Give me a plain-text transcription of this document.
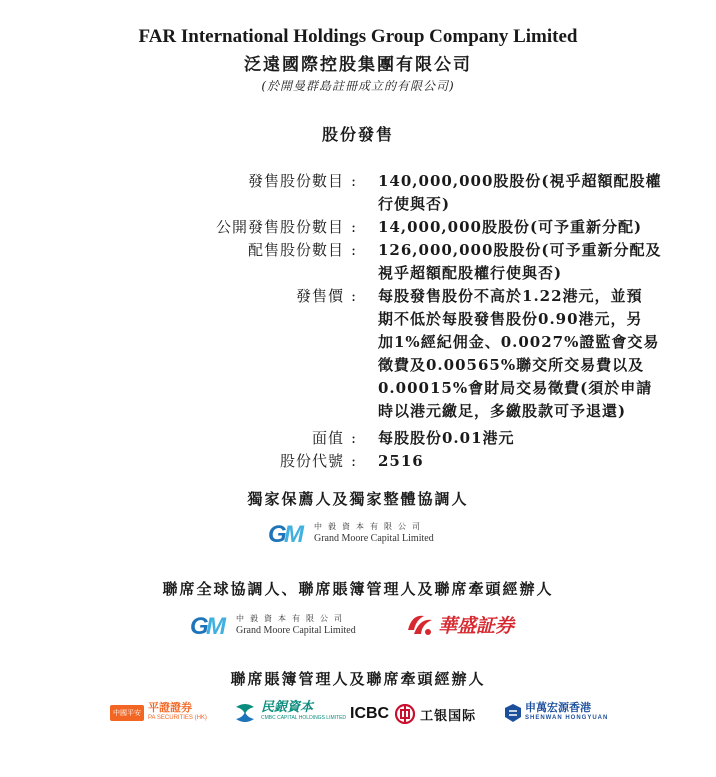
FAR International Holdings Group Company Limited
泛遠國際控股集團有限公司
(於開曼群島註冊成立的有限公司)
股份發售
發售股份數目 : 140,000,000股股份(視乎超額配股權
行使與否)
公開發售股份數目 : 14,000,000股股份(可予重新分配)
配售股份數目 : 126,000,000股股份(可予重新分配及
視乎超額配股權行使與否)
發售價 : 每股發售股份不高於1.22港元，並預
期不低於每股發售股份0.90港元，另
加1%經紀佣金、0.0027%證監會交易
徵費及0.00565%聯交所交易費以及
0.00015%會財局交易徵費(須於申請
時以港元繳足，多繳股款可予退還)
面值 : 每股股份0.01港元
股份代號 : 2516
獨家保薦人及獨家整體協調人
G
M 中 毅 資 本 有 限 公 司
Grand Moore Capital Limited
聯席全球協調人、聯席賬簿管理人及聯席牽頭經辦人
G
M 中 毅 資 本 有 限 公 司
Grand Moore Capital Limited	華盛証券
聯席賬簿管理人及聯席牽頭經辦人
中國平安 平證證券
PA SECURITIES (HK)
民銀資本
CMBC CAPITAL HOLDINGS LIMITED ICBC 工银国际
申萬宏源香港
SHENWAN HONGYUAN
